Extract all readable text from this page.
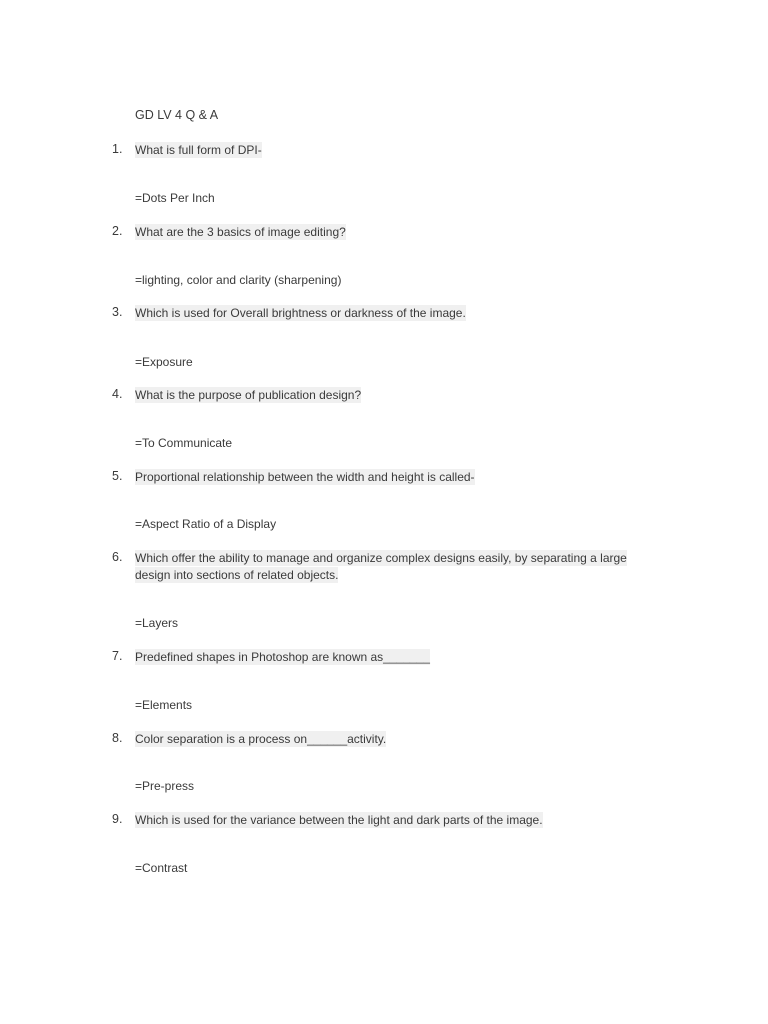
GD LV 4 Q & A
1.	What is full form of DPI-
=Dots Per Inch
2.	What are the 3 basics of image editing?
=lighting, color and clarity (sharpening)
3.	Which is used for Overall brightness or darkness of the image.
=Exposure
4.	What is the purpose of publication design?
=To Communicate
5.	Proportional relationship between the width and height is called-
=Aspect Ratio of a Display
6.	Which offer the ability to manage and organize complex designs easily, by separating a large design into sections of related objects.
=Layers
7.	Predefined shapes in Photoshop are known as_______
=Elements
8.	Color separation is a process on______activity.
=Pre-press
9.	Which is used for the variance between the light and dark parts of the image.
=Contrast
